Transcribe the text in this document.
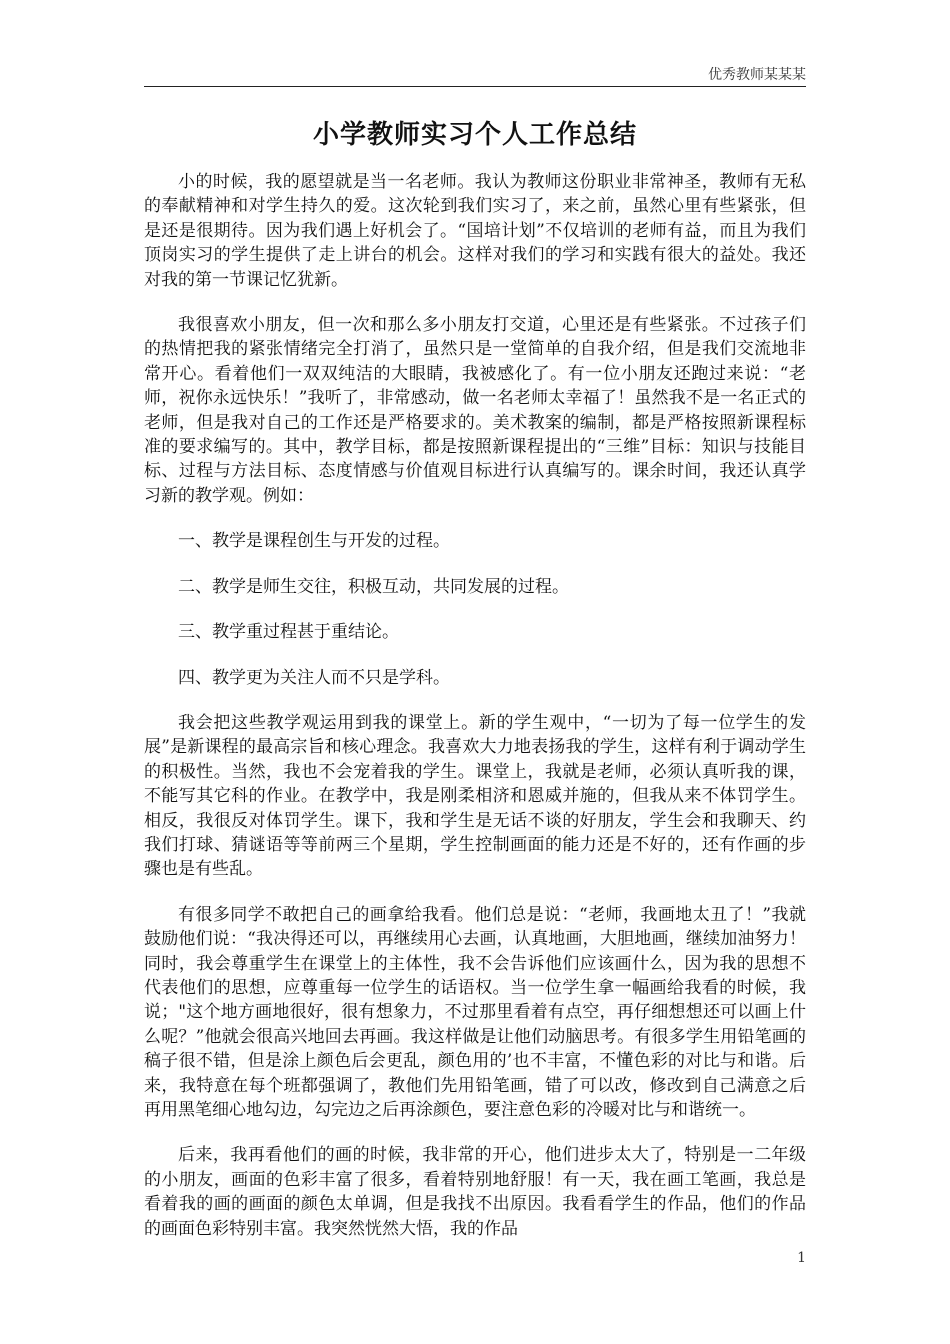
优秀教师某某某
小学教师实习个人工作总结

小的时候，我的愿望就是当一名老师。我认为教师这份职业非常神圣，教师有无私的奉献精神和对学生持久的爱。这次轮到我们实习了，来之前，虽然心里有些紧张，但是还是很期待。因为我们遇上好机会了。“国培计划”不仅培训的老师有益，而且为我们顶岗实习的学生提供了走上讲台的机会。这样对我们的学习和实践有很大的益处。我还对我的第一节课记忆犹新。

我很喜欢小朋友，但一次和那么多小朋友打交道，心里还是有些紧张。不过孩子们的热情把我的紧张情绪完全打消了，虽然只是一堂简单的自我介绍，但是我们交流地非常开心。看着他们一双双纯洁的大眼睛，我被感化了。有一位小朋友还跑过来说：“老师，祝你永远快乐！”我听了，非常感动，做一名老师太幸福了！虽然我不是一名正式的老师，但是我对自己的工作还是严格要求的。美术教案的编制，都是严格按照新课程标准的要求编写的。其中，教学目标，都是按照新课程提出的“三维”目标：知识与技能目标、过程与方法目标、态度情感与价值观目标进行认真编写的。课余时间，我还认真学习新的教学观。例如：

一、教学是课程创生与开发的过程。

二、教学是师生交往，积极互动，共同发展的过程。

三、教学重过程甚于重结论。

四、教学更为关注人而不只是学科。

我会把这些教学观运用到我的课堂上。新的学生观中，“一切为了每一位学生的发展”是新课程的最高宗旨和核心理念。我喜欢大力地表扬我的学生，这样有利于调动学生的积极性。当然，我也不会宠着我的学生。课堂上，我就是老师，必须认真听我的课，不能写其它科的作业。在教学中，我是刚柔相济和恩威并施的，但我从来不体罚学生。相反，我很反对体罚学生。课下，我和学生是无话不谈的好朋友，学生会和我聊天、约我们打球、猜谜语等等前两三个星期，学生控制画面的能力还是不好的，还有作画的步骤也是有些乱。

有很多同学不敢把自己的画拿给我看。他们总是说：“老师，我画地太丑了！”我就鼓励他们说：“我决得还可以，再继续用心去画，认真地画，大胆地画，继续加油努力！同时，我会尊重学生在课堂上的主体性，我不会告诉他们应该画什么，因为我的思想不代表他们的思想，应尊重每一位学生的话语权。当一位学生拿一幅画给我看的时候，我说；"这个地方画地很好，很有想象力，不过那里看着有点空，再仔细想想还可以画上什么呢？”他就会很高兴地回去再画。我这样做是让他们动脑思考。有很多学生用铅笔画的稿子很不错，但是涂上颜色后会更乱，颜色用的’也不丰富，不懂色彩的对比与和谐。后来，我特意在每个班都强调了，教他们先用铅笔画，错了可以改，修改到自己满意之后再用黑笔细心地勾边，勾完边之后再涂颜色，要注意色彩的冷暖对比与和谐统一。

后来，我再看他们的画的时候，我非常的开心，他们进步太大了，特别是一二年级的小朋友，画面的色彩丰富了很多，看着特别地舒服！有一天，我在画工笔画，我总是看着我的画的画面的颜色太单调，但是我找不出原因。我看看学生的作品，他们的作品的画面色彩特别丰富。我突然恍然大悟，我的作品

1
